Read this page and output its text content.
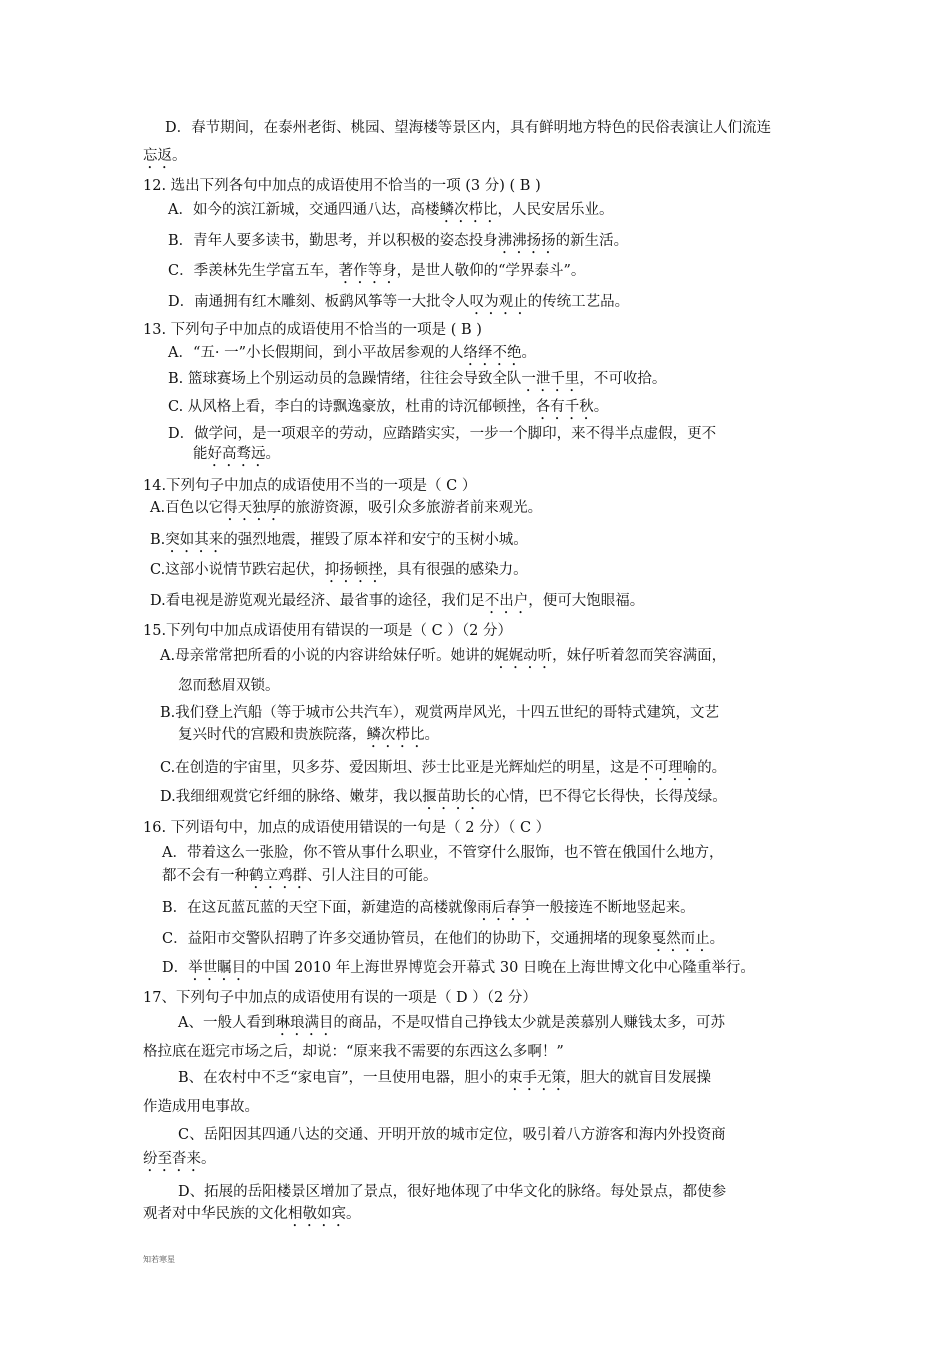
D．春节期间，在泰州老街、桃园、望海楼等景区内，具有鲜明地方特色的民俗表演让人们流连
忘返。
12. 选出下列各句中加点的成语使用不恰当的一项 (3 分) ( B )
A．如今的滨江新城，交通四通八达，高楼鳞次栉比，人民安居乐业。
B．青年人要多读书，勤思考，并以积极的姿态投身沸沸扬扬的新生活。
C．季羡林先生学富五车，著作等身，是世人敬仰的“学界泰斗”。
D．南通拥有红木雕刻、板鹞风筝等一大批令人叹为观止的传统工艺品。
13. 下列句子中加点的成语使用不恰当的一项是 ( B )
A．“五· 一”小长假期间，到小平故居参观的人络绎不绝。
B. 篮球赛场上个别运动员的急躁情绪，往往会导致全队一泄千里，不可收拾。
C. 从风格上看，李白的诗飘逸豪放，杜甫的诗沉郁顿挫，各有千秋。
D．做学问，是一项艰辛的劳动，应踏踏实实，一步一个脚印，来不得半点虚假，更不
能好高骛远。
14.下列句子中加点的成语使用不当的一项是（ C ）
A.百色以它得天独厚的旅游资源，吸引众多旅游者前来观光。
B.突如其来的强烈地震，摧毁了原本祥和安宁的玉树小城。
C.这部小说情节跌宕起伏，抑扬顿挫，具有很强的感染力。
D.看电视是游览观光最经济、最省事的途径，我们足不出户，便可大饱眼福。
15.下列句中加点成语使用有错误的一项是（ C ）（2 分）
A.母亲常常把所看的小说的内容讲给妹仔听。她讲的娓娓动听，妹仔听着忽而笑容满面，
忽而愁眉双锁。
B.我们登上汽船（等于城市公共汽车），观赏两岸风光，十四五世纪的哥特式建筑，文艺
复兴时代的宫殿和贵族院落，鳞次栉比。
C.在创造的宇宙里，贝多芬、爱因斯坦、莎士比亚是光辉灿烂的明星，这是不可理喻的。
D.我细细观赏它纤细的脉络、嫩芽，我以揠苗助长的心情，巴不得它长得快，长得茂绿。
16. 下列语句中，加点的成语使用错误的一句是（ 2 分）（ C ）
A．带着这么一张脸，你不管从事什么职业，不管穿什么服饰，也不管在俄国什么地方，
都不会有一种鹤立鸡群、引人注目的可能。
B．在这瓦蓝瓦蓝的天空下面，新建造的高楼就像雨后春笋一般接连不断地竖起来。
C．益阳市交警队招聘了许多交通协管员，在他们的协助下，交通拥堵的现象戛然而止。
D．举世瞩目的中国 2010 年上海世界博览会开幕式 30 日晚在上海世博文化中心隆重举行。
17、下列句子中加点的成语使用有误的一项是（ D ）（2 分）
A、一般人看到琳琅满目的商品，不是叹惜自己挣钱太少就是羡慕别人赚钱太多，可苏
格拉底在逛完市场之后，却说：“原来我不需要的东西这么多啊！”
B、在农村中不乏“家电盲”，一旦使用电器，胆小的束手无策，胆大的就盲目发展操
作造成用电事故。
C、岳阳因其四通八达的交通、开明开放的城市定位，吸引着八方游客和海内外投资商
纷至沓来。
D、拓展的岳阳楼景区增加了景点，很好地体现了中华文化的脉络。每处景点，都使参
观者对中华民族的文化相敬如宾。
知若寒星
